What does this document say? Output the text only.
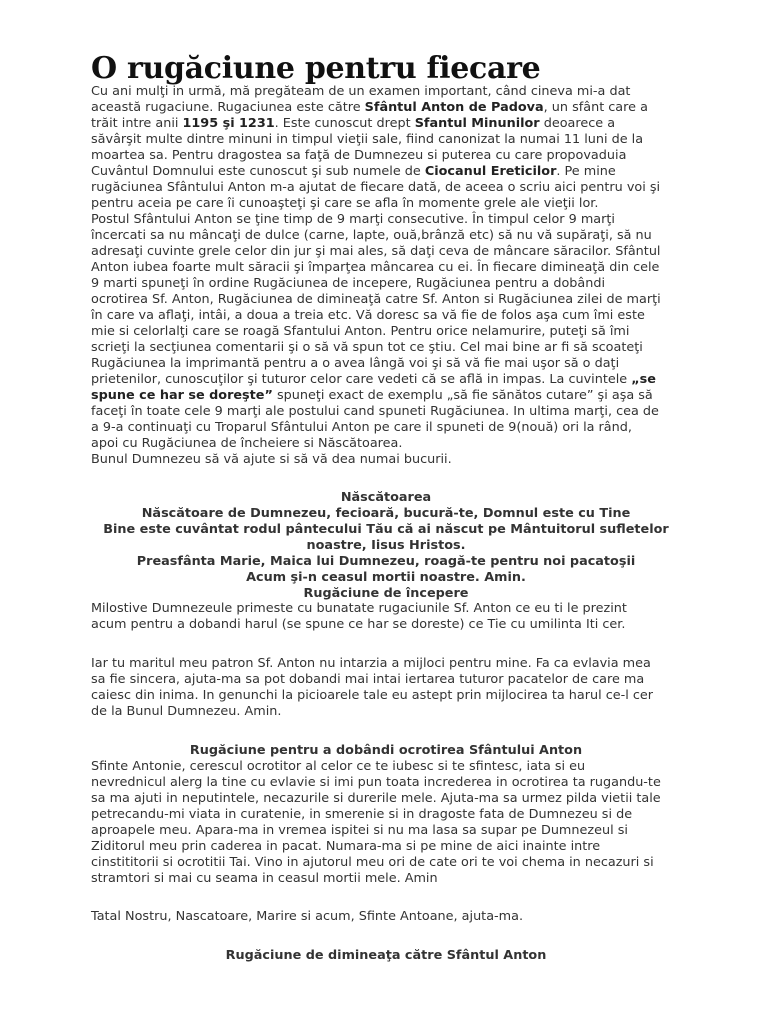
O rugăciune pentru fiecare
Cu ani mulţi in urmă, mă pregăteam de un examen important, când cineva mi-a dat
această rugaciune. Rugaciunea este către Sfântul Anton de Padova, un sfânt care a
trăit intre anii 1195 şi 1231. Este cunoscut drept Sfantul Minunilor deoarece a
săvârşit multe dintre minuni in timpul vieţii sale, fiind canonizat la numai 11 luni de la
moartea sa. Pentru dragostea sa faţă de Dumnezeu si puterea cu care propovaduia
Cuvântul Domnului este cunoscut şi sub numele de Ciocanul Ereticilor. Pe mine
rugăciunea Sfântului Anton m-a ajutat de fiecare dată, de aceea o scriu aici pentru voi şi
pentru aceia pe care îi cunoaşteţi şi care se afla în momente grele ale vieţii lor.
Postul Sfântului Anton se ţine timp de 9 marţi consecutive. În timpul celor 9 marţi
încercati sa nu mâncaţi de dulce (carne, lapte, ouă,brânză etc) să nu vă supăraţi, să nu
adresaţi cuvinte grele celor din jur şi mai ales, să daţi ceva de mâncare săracilor. Sfântul
Anton iubea foarte mult săracii şi împarţea mâncarea cu ei. În fiecare dimineaţă din cele
9 marti spuneţi în ordine Rugăciunea de incepere, Rugăciunea pentru a dobândi
ocrotirea Sf. Anton, Rugăciunea de dimineaţă catre Sf. Anton si Rugăciunea zilei de marţi
în care va aflaţi, intâi, a doua a treia etc. Vă doresc sa vă fie de folos aşa cum îmi este
mie si celorlalţi care se roagă Sfantului Anton. Pentru orice nelamurire, puteţi să îmi
scrieţi la secţiunea comentarii şi o să vă spun tot ce ştiu. Cel mai bine ar fi să scoateţi
Rugăciunea la imprimantă pentru a o avea lângă voi şi să vă fie mai uşor să o daţi
prietenilor, cunoscuţilor şi tuturor celor care vedeti că se află in impas. La cuvintele „se
spune ce har se doreşte” spuneţi exact de exemplu „să fie sănătos cutare” şi aşa să
faceţi în toate cele 9 marţi ale postului cand spuneti Rugăciunea. In ultima marţi, cea de
a 9-a continuaţi cu Troparul Sfântului Anton pe care il spuneti de 9(nouă) ori la rând,
apoi cu Rugăciunea de încheiere si Născătoarea.
Bunul Dumnezeu să vă ajute si să vă dea numai bucurii.
Născătoarea
Născătoare de Dumnezeu, fecioară, bucură-te, Domnul este cu Tine
Bine este cuvântat rodul pântecului Tău că ai născut pe Mântuitorul sufletelor
noastre, Iisus Hristos.
Preasfânta Marie, Maica lui Dumnezeu, roagă-te pentru noi pacatoşii
Acum şi-n ceasul mortii noastre. Amin.
Rugăciune de începere
Milostive Dumnezeule primeste cu bunatate rugaciunile Sf. Anton ce eu ti le prezint
acum pentru a dobandi harul (se spune ce har se doreste) ce Tie cu umilinta Iti cer.
Iar tu maritul meu patron Sf. Anton nu intarzia a mijloci pentru mine. Fa ca evlavia mea
sa fie sincera, ajuta-ma sa pot dobandi mai intai iertarea tuturor pacatelor de care ma
caiesc din inima. In genunchi la picioarele tale eu astept prin mijlocirea ta harul ce-l cer
de la Bunul Dumnezeu. Amin.
Rugăciune pentru a dobândi ocrotirea Sfântului Anton
Sfinte Antonie, cerescul ocrotitor al celor ce te iubesc si te sfintesc, iata si eu
nevrednicul alerg la tine cu evlavie si imi pun toata increderea in ocrotirea ta rugandu-te
sa ma ajuti in neputintele, necazurile si durerile mele. Ajuta-ma sa urmez pilda vietii tale
petrecandu-mi viata in curatenie, in smerenie si in dragoste fata de Dumnezeu si de
aproapele meu. Apara-ma in vremea ispitei si nu ma lasa sa supar pe Dumnezeul si
Ziditorul meu prin caderea in pacat. Numara-ma si pe mine de aici inainte intre
cinstititorii si ocrotitii Tai. Vino in ajutorul meu ori de cate ori te voi chema in necazuri si
stramtori si mai cu seama in ceasul mortii mele. Amin
Tatal Nostru, Nascatoare, Marire si acum, Sfinte Antoane, ajuta-ma.
Rugăciune de dimineaţa către Sfântul Anton
